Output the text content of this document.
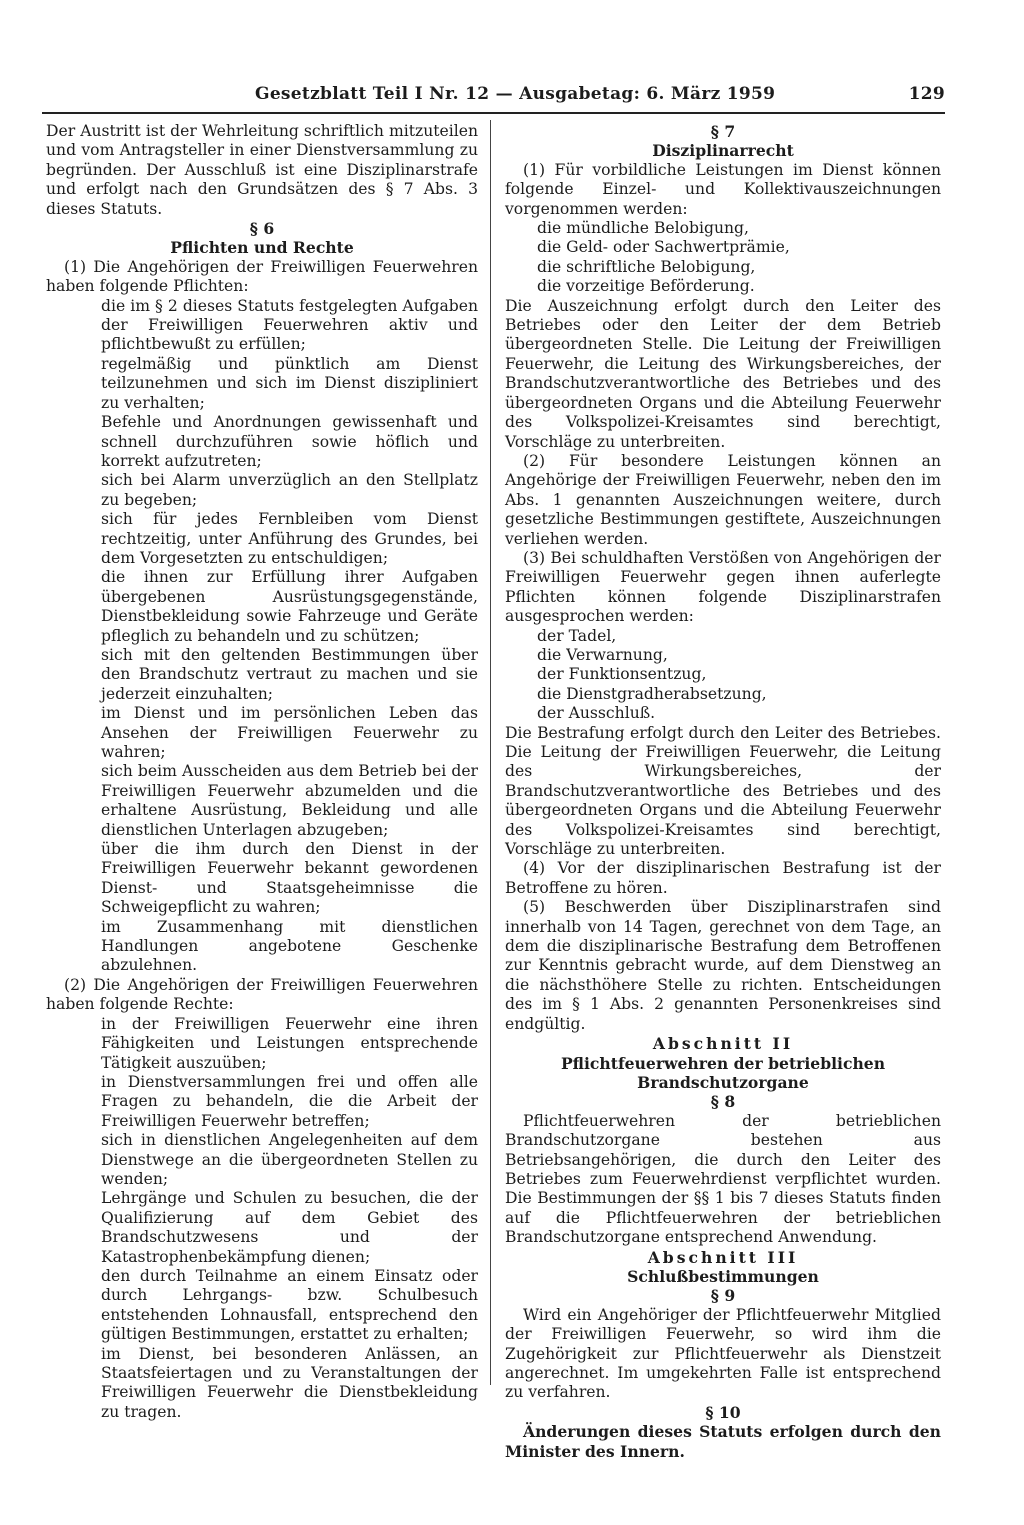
Gesetzblatt Teil I Nr. 12 — Ausgabetag: 6. März 1959	129

Der Austritt ist der Wehrleitung schriftlich mitzuteilen und vom Antragsteller in einer Dienstversammlung zu begründen. Der Ausschluß ist eine Disziplinarstrafe und erfolgt nach den Grundsätzen des § 7 Abs. 3 dieses Statuts.

§ 6

Pflichten und Rechte

(1) Die Angehörigen der Freiwilligen Feuerwehren haben folgende Pflichten:

die im § 2 dieses Statuts festgelegten Aufgaben der Freiwilligen Feuerwehren aktiv und pflichtbewußt zu erfüllen;

regelmäßig und pünktlich am Dienst teilzunehmen und sich im Dienst diszipliniert zu verhalten;

Befehle und Anordnungen gewissenhaft und schnell durchzuführen sowie höflich und korrekt aufzutreten;

sich bei Alarm unverzüglich an den Stellplatz zu begeben;

sich für jedes Fernbleiben vom Dienst rechtzeitig, unter Anführung des Grundes, bei dem Vorgesetzten zu entschuldigen;

die ihnen zur Erfüllung ihrer Aufgaben übergebenen Ausrüstungsgegenstände, Dienstbekleidung sowie Fahrzeuge und Geräte pfleglich zu behandeln und zu schützen;

sich mit den geltenden Bestimmungen über den Brandschutz vertraut zu machen und sie jederzeit einzuhalten;

im Dienst und im persönlichen Leben das Ansehen der Freiwilligen Feuerwehr zu wahren;

sich beim Ausscheiden aus dem Betrieb bei der Freiwilligen Feuerwehr abzumelden und die erhaltene Ausrüstung, Bekleidung und alle dienstlichen Unterlagen abzugeben;

über die ihm durch den Dienst in der Freiwilligen Feuerwehr bekannt gewordenen Dienst- und Staatsgeheimnisse die Schweigepflicht zu wahren;

im Zusammenhang mit dienstlichen Handlungen angebotene Geschenke abzulehnen.

(2) Die Angehörigen der Freiwilligen Feuerwehren haben folgende Rechte:

in der Freiwilligen Feuerwehr eine ihren Fähigkeiten und Leistungen entsprechende Tätigkeit auszuüben;

in Dienstversammlungen frei und offen alle Fragen zu behandeln, die die Arbeit der Freiwilligen Feuerwehr betreffen;

sich in dienstlichen Angelegenheiten auf dem Dienstwege an die übergeordneten Stellen zu wenden;

Lehrgänge und Schulen zu besuchen, die der Qualifizierung auf dem Gebiet des Brandschutzwesens und der Katastrophenbekämpfung dienen;

den durch Teilnahme an einem Einsatz oder durch Lehrgangs- bzw. Schulbesuch entstehenden Lohnausfall, entsprechend den gültigen Bestimmungen, erstattet zu erhalten;

im Dienst, bei besonderen Anlässen, an Staatsfeiertagen und zu Veranstaltungen der Freiwilligen Feuerwehr die Dienstbekleidung zu tragen.

§ 7

Disziplinarrecht

(1) Für vorbildliche Leistungen im Dienst können folgende Einzel- und Kollektivauszeichnungen vorgenommen werden:

die mündliche Belobigung,

die Geld- oder Sachwertprämie,

die schriftliche Belobigung,

die vorzeitige Beförderung.

Die Auszeichnung erfolgt durch den Leiter des Betriebes oder den Leiter der dem Betrieb übergeordneten Stelle. Die Leitung der Freiwilligen Feuerwehr, die Leitung des Wirkungsbereiches, der Brandschutzverantwortliche des Betriebes und des übergeordneten Organs und die Abteilung Feuerwehr des Volkspolizei-Kreisamtes sind berechtigt, Vorschläge zu unterbreiten.

(2) Für besondere Leistungen können an Angehörige der Freiwilligen Feuerwehr, neben den im Abs. 1 genannten Auszeichnungen weitere, durch gesetzliche Bestimmungen gestiftete, Auszeichnungen verliehen werden.

(3) Bei schuldhaften Verstößen von Angehörigen der Freiwilligen Feuerwehr gegen ihnen auferlegte Pflichten können folgende Disziplinarstrafen ausgesprochen werden:

der Tadel,

die Verwarnung,

der Funktionsentzug,

die Dienstgradherabsetzung,

der Ausschluß.

Die Bestrafung erfolgt durch den Leiter des Betriebes. Die Leitung der Freiwilligen Feuerwehr, die Leitung des Wirkungsbereiches, der Brandschutzverantwortliche des Betriebes und des übergeordneten Organs und die Abteilung Feuerwehr des Volkspolizei-Kreisamtes sind berechtigt, Vorschläge zu unterbreiten.

(4) Vor der disziplinarischen Bestrafung ist der Betroffene zu hören.

(5) Beschwerden über Disziplinarstrafen sind innerhalb von 14 Tagen, gerechnet von dem Tage, an dem die disziplinarische Bestrafung dem Betroffenen zur Kenntnis gebracht wurde, auf dem Dienstweg an die nächsthöhere Stelle zu richten. Entscheidungen des im § 1 Abs. 2 genannten Personenkreises sind endgültig.

Abschnitt II

Pflichtfeuerwehren der betrieblichen Brandschutzorgane

§ 8

Pflichtfeuerwehren der betrieblichen Brandschutzorgane bestehen aus Betriebsangehörigen, die durch den Leiter des Betriebes zum Feuerwehrdienst verpflichtet wurden. Die Bestimmungen der §§ 1 bis 7 dieses Statuts finden auf die Pflichtfeuerwehren der betrieblichen Brandschutzorgane entsprechend Anwendung.

Abschnitt III

Schlußbestimmungen

§ 9

Wird ein Angehöriger der Pflichtfeuerwehr Mitglied der Freiwilligen Feuerwehr, so wird ihm die Zugehörigkeit zur Pflichtfeuerwehr als Dienstzeit angerechnet. Im umgekehrten Falle ist entsprechend zu verfahren.

§ 10

Änderungen dieses Statuts erfolgen durch den Minister des Innern.
